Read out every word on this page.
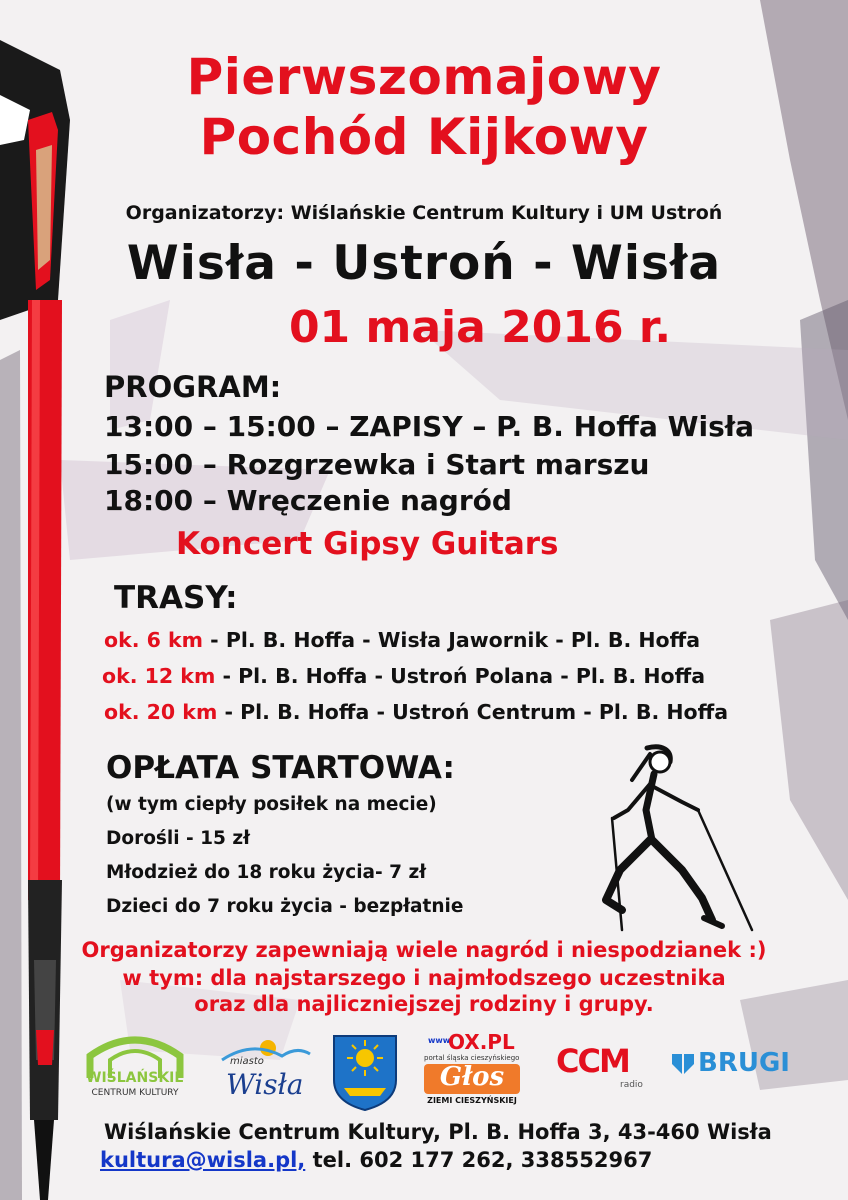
Pierwszomajowy
Pochód Kijkowy
Organizatorzy: Wiślańskie Centrum Kultury i UM Ustroń
Wisła - Ustroń - Wisła
01 maja 2016 r.
PROGRAM:
13:00 – 15:00 – ZAPISY – P. B. Hoffa Wisła
15:00 – Rozgrzewka i Start marszu
18:00 – Wręczenie nagród
Koncert Gipsy Guitars
TRASY:
ok. 6 km - Pl. B. Hoffa - Wisła Jawornik - Pl. B. Hoffa
ok. 12 km - Pl. B. Hoffa - Ustroń Polana - Pl. B. Hoffa
ok. 20 km - Pl. B. Hoffa - Ustroń Centrum - Pl. B. Hoffa
OPŁATA STARTOWA:
(w tym ciepły posiłek na mecie)
Dorośli - 15 zł
Młodzież do 18 roku życia- 7 zł
Dzieci do 7 roku życia - bezpłatnie
Organizatorzy zapewniają wiele nagród i niespodzianek :)
w tym: dla najstarszego i najmłodszego uczestnika
oraz dla najliczniejszej rodziny i grupy.
WIŚLAŃSKIE
CENTRUM KULTURY
miasto
Wisła
www.
OX.PL
portal śląska cieszyńskiego
Głos
ZIEMI CIESZYŃSKIEJ
CCM
radio
BRUGI
Wiślańskie Centrum Kultury, Pl. B. Hoffa 3, 43-460 Wisła
kultura@wisla.pl, tel. 602 177 262, 338552967
